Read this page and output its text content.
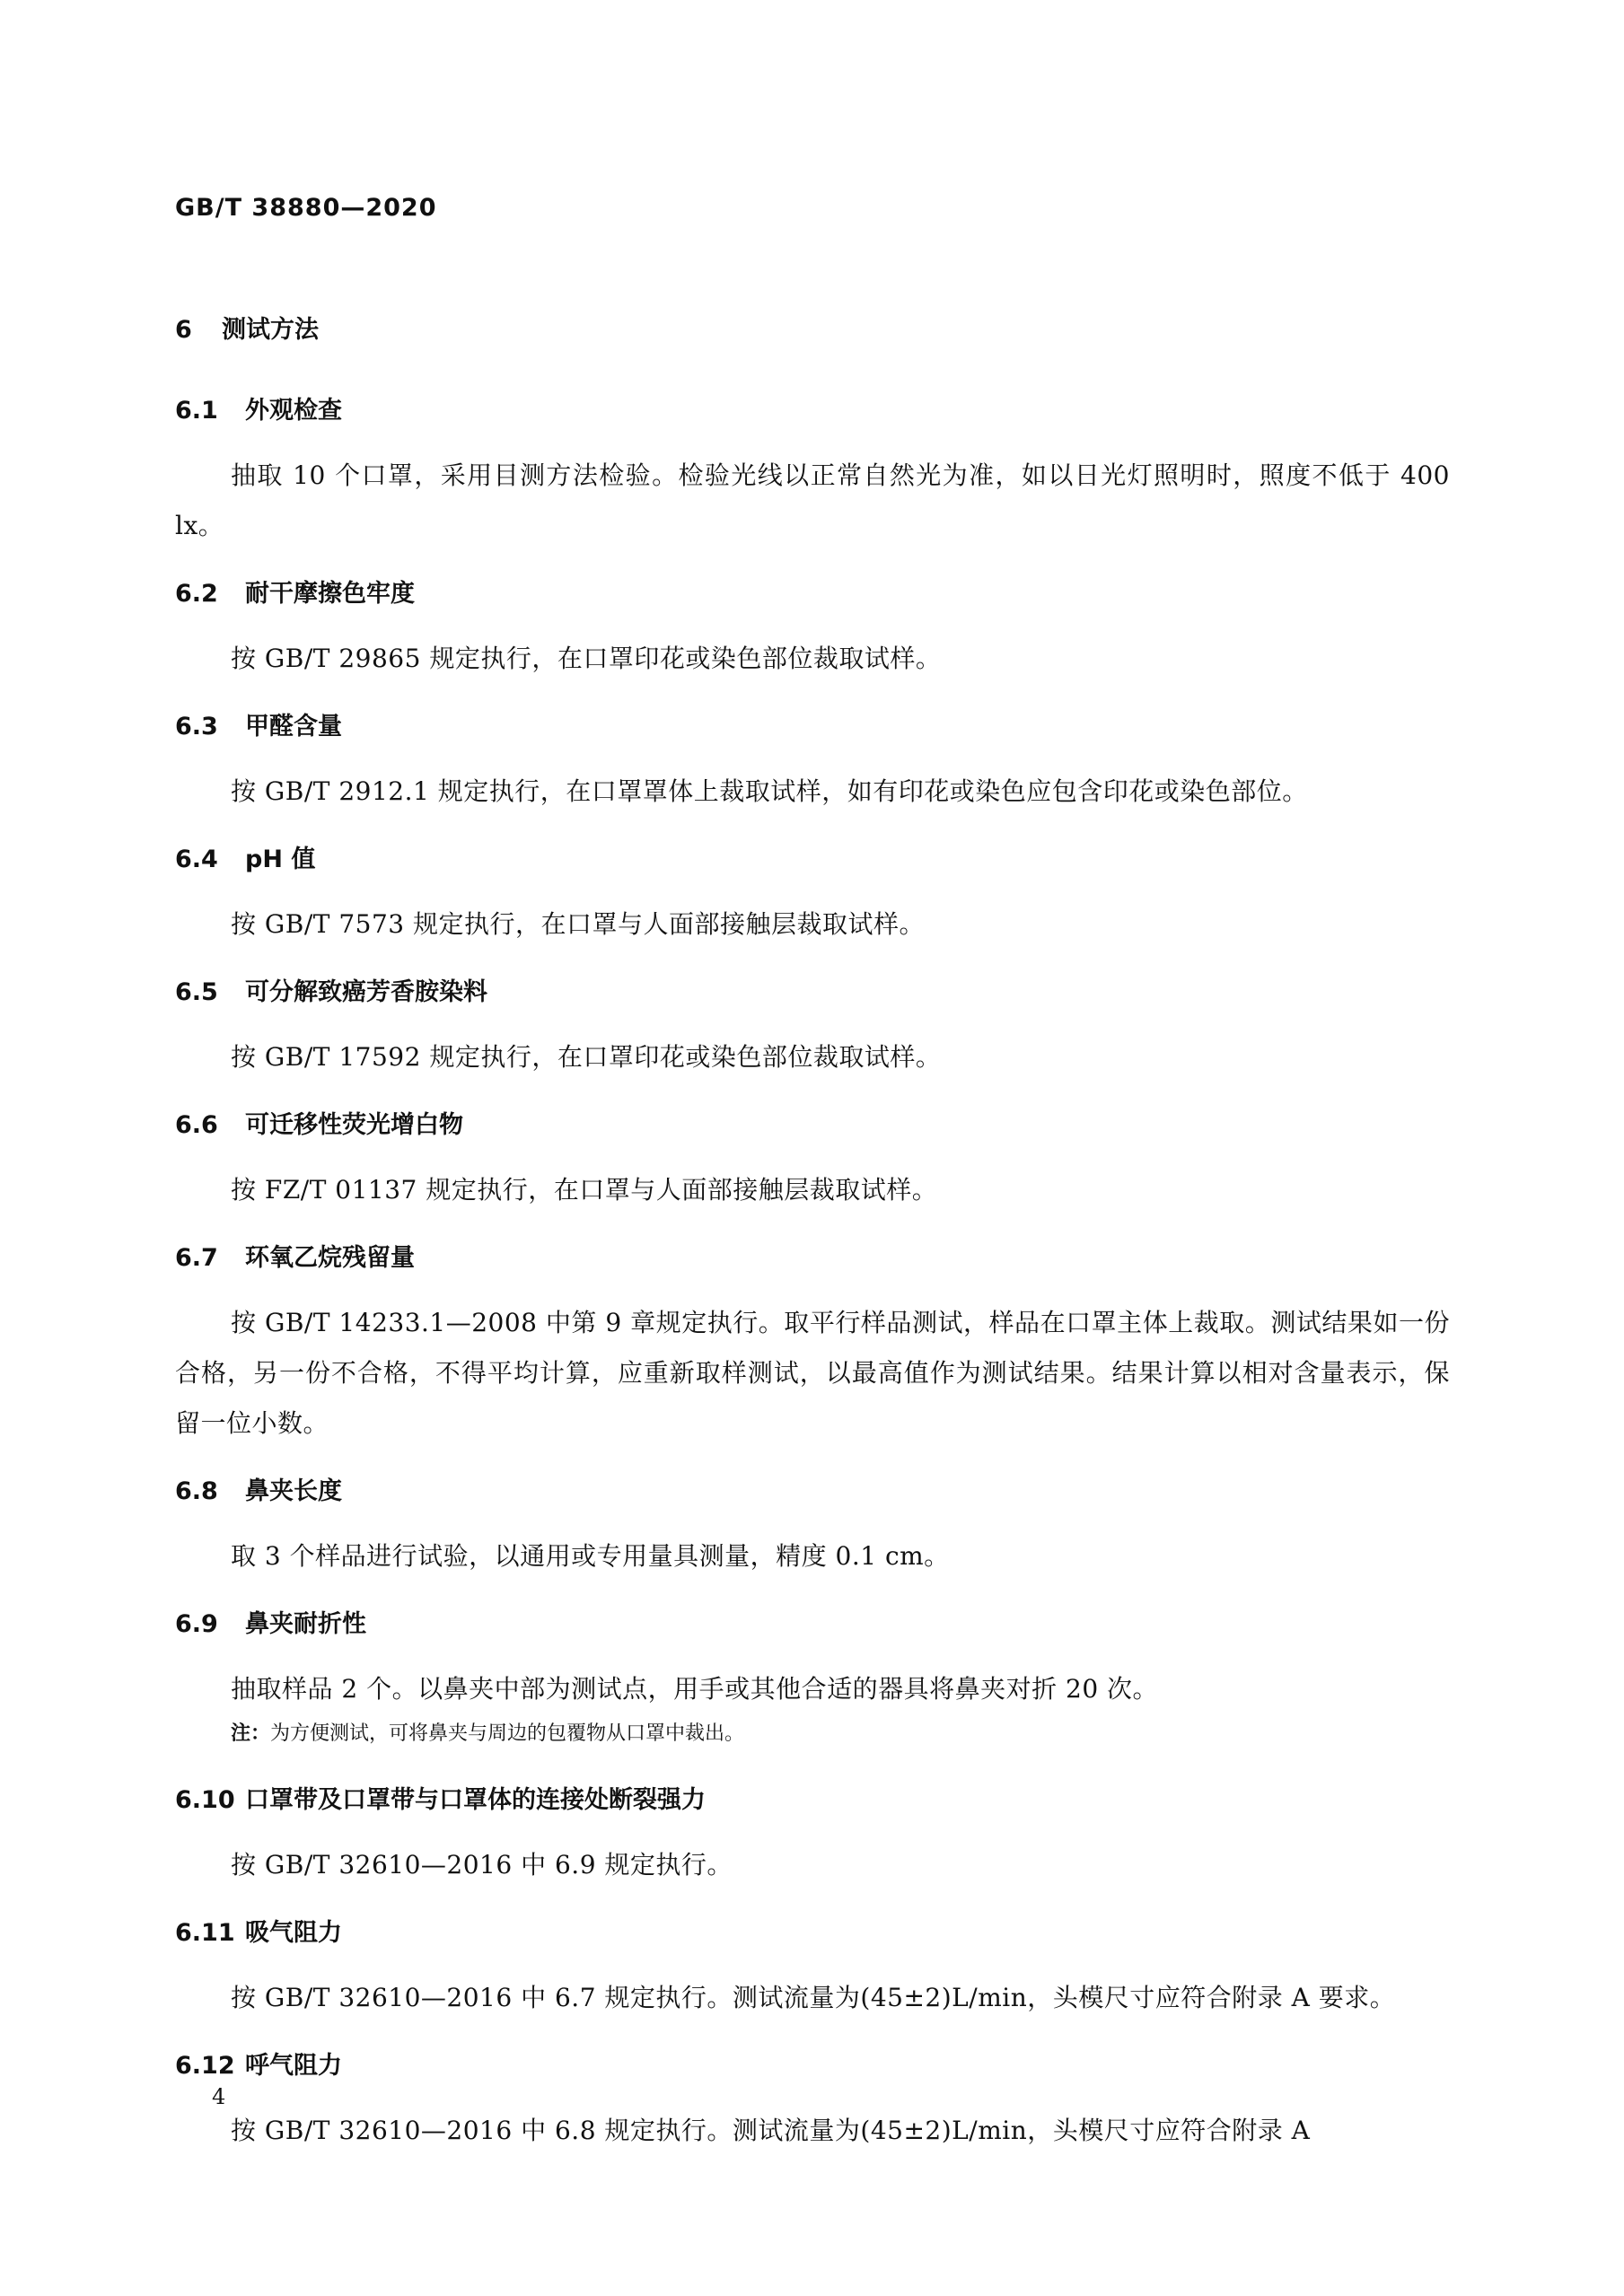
GB/T 38880—2020
6	测试方法
6.1	外观检查

抽取 10 个口罩，采用目测方法检验。检验光线以正常自然光为准，如以日光灯照明时，照度不低于 400 lx。

6.2	耐干摩擦色牢度

按 GB/T 29865 规定执行，在口罩印花或染色部位裁取试样。

6.3	甲醛含量

按 GB/T 2912.1 规定执行，在口罩罩体上裁取试样，如有印花或染色应包含印花或染色部位。

6.4	pH 值

按 GB/T 7573 规定执行，在口罩与人面部接触层裁取试样。

6.5	可分解致癌芳香胺染料

按 GB/T 17592 规定执行，在口罩印花或染色部位裁取试样。

6.6	可迁移性荧光增白物

按 FZ/T 01137 规定执行，在口罩与人面部接触层裁取试样。

6.7	环氧乙烷残留量

按 GB/T 14233.1—2008 中第 9 章规定执行。取平行样品测试，样品在口罩主体上裁取。测试结果如一份合格，另一份不合格，不得平均计算，应重新取样测试，以最高值作为测试结果。结果计算以相对含量表示，保留一位小数。

6.8	鼻夹长度

取 3 个样品进行试验，以通用或专用量具测量，精度 0.1 cm。

6.9	鼻夹耐折性

抽取样品 2 个。以鼻夹中部为测试点，用手或其他合适的器具将鼻夹对折 20 次。

注：为方便测试，可将鼻夹与周边的包覆物从口罩中裁出。

6.10 口罩带及口罩带与口罩体的连接处断裂强力

按 GB/T 32610—2016 中 6.9 规定执行。

6.11 吸气阻力

按 GB/T 32610—2016 中 6.7 规定执行。测试流量为(45±2)L/min，头模尺寸应符合附录 A 要求。

6.12 呼气阻力

按 GB/T 32610—2016 中 6.8 规定执行。测试流量为(45±2)L/min，头模尺寸应符合附录 A

4
